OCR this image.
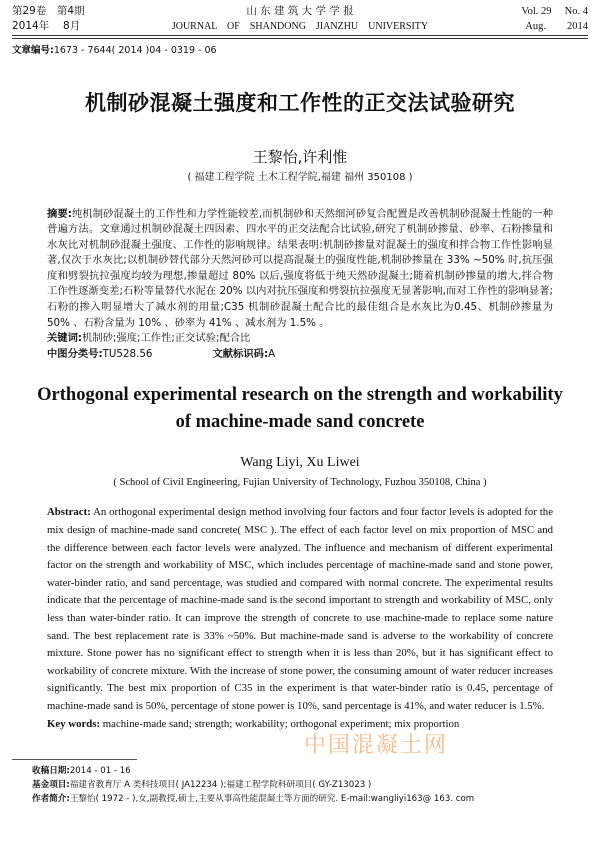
第29卷　第4期	山 东 建 筑 大 学 学 报	Vol. 29　 No. 4
2014年　 8月	JOURNAL　OF　SHANDONG　JIANZHU　UNIVERSITY	Aug.　　2014
文章编号:1673 - 7644( 2014 )04 - 0319 - 06
机制砂混凝土强度和工作性的正交法试验研究
王黎怡,许利惟
( 福建工程学院 土木工程学院,福建 福州 350108 )
摘要:纯机制砂混凝土的工作性和力学性能较差,而机制砂和天然细河砂复合配置是改善机制砂混凝土性能的一种普遍方法。文章通过机制砂混凝土四因素、四水平的正交法配合比试验,研究了机制砂掺量、砂率、石粉掺量和水灰比对机制砂混凝土强度、工作性的影响规律。结果表明:机制砂掺量对混凝土的强度和拌合物工作性影响显著,仅次于水灰比;以机制砂替代部分天然河砂可以提高混凝土的强度性能,机制砂掺量在 33% ~50% 时,抗压强度和劈裂抗拉强度均较为理想,掺量超过 80% 以后,强度将低于纯天然砂混凝土;随着机制砂掺量的增大,拌合物工作性逐渐变差;石粉等量替代水泥在 20% 以内对抗压强度和劈裂抗拉强度无显著影响,而对工作性的影响显著;石粉的掺入明显增大了减水剂的用量;C35 机制砂混凝土配合比的最佳组合是水灰比为0.45、机制砂掺量为 50% 、石粉含量为 10% 、砂率为 41% 、减水剂为 1.5% 。
关键词:机制砂;强度;工作性;正交试验;配合比
中图分类号:TU528.56	文献标识码:A
Orthogonal experimental research on the strength and workability
of machine-made sand concrete
Wang Liyi, Xu Liwei
( School of Civil Engineering, Fujian University of Technology, Fuzhou 350108, China )
Abstract: An orthogonal experimental design method involving four factors and four factor levels is adopted for the mix design of machine-made sand concrete( MSC ). The effect of each factor level on mix proportion of MSC and the difference between each factor levels were analyzed. The influence and mechanism of different experimental factor on the strength and workability of MSC, which includes percentage of machine-made sand and stone power, water-binder ratio, and sand percentage, was studied and compared with normal concrete. The experimental results indicate that the percentage of machine-made sand is the second important to strength and workability of MSC, only less than water-binder ratio. It can improve the strength of concrete to use machine-made to replace some nature sand. The best replacement rate is 33% ~50%. But machine-made sand is adverse to the workability of concrete mixture. Stone power has no significant effect to strength when it is less than 20%, but it has significant effect to workability of concrete mixture. With the increase of stone power, the consuming amount of water reducer increases significantly. The best mix proportion of C35 in the experiment is that water-binder ratio is 0.45, percentage of machine-made sand is 50%, percentage of stone power is 10%, sand percentage is 41%, and water reducer is 1.5%.
Key words: machine-made sand; strength; workability; orthogonal experiment; mix proportion
中国混凝土网
收稿日期:2014 - 01 - 16
基金项目:福建省教育厅 A 类科技项目( JA12234 );福建工程学院科研项目( GY-Z13023 )
作者简介:王黎怡( 1972 - ),女,副教授,硕士,主要从事高性能混凝土等方面的研究. E-mail:wangliyi163@ 163. com
